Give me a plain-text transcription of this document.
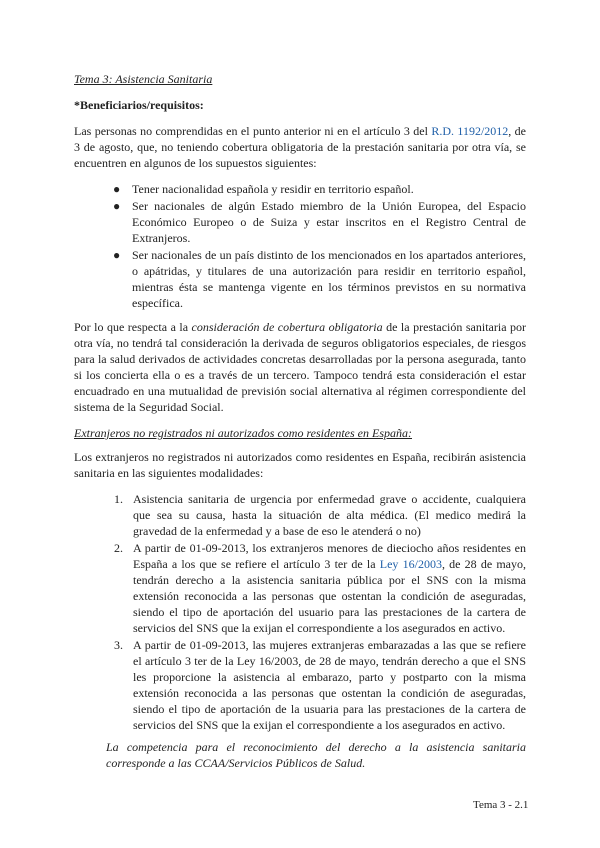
Tema 3: Asistencia Sanitaria
*Beneficiarios/requisitos:

Las personas no comprendidas en el punto anterior ni en el artículo 3 del R.D. 1192/2012, de 3 de agosto, que, no teniendo cobertura obligatoria de la prestación sanitaria por otra vía, se encuentren en algunos de los supuestos siguientes:

● Tener nacionalidad española y residir en territorio español.
● Ser nacionales de algún Estado miembro de la Unión Europea, del Espacio Económico Europeo o de Suiza y estar inscritos en el Registro Central de Extranjeros.
● Ser nacionales de un país distinto de los mencionados en los apartados anteriores, o apátridas, y titulares de una autorización para residir en territorio español, mientras ésta se mantenga vigente en los términos previstos en su normativa específica.

Por lo que respecta a la consideración de cobertura obligatoria de la prestación sanitaria por otra vía, no tendrá tal consideración la derivada de seguros obligatorios especiales, de riesgos para la salud derivados de actividades concretas desarrolladas por la persona asegurada, tanto si los concierta ella o es a través de un tercero. Tampoco tendrá esta consideración el estar encuadrado en una mutualidad de previsión social alternativa al régimen correspondiente del sistema de la Seguridad Social.

Extranjeros no registrados ni autorizados como residentes en España:

Los extranjeros no registrados ni autorizados como residentes en España, recibirán asistencia sanitaria en las siguientes modalidades:

1. Asistencia sanitaria de urgencia por enfermedad grave o accidente, cualquiera que sea su causa, hasta la situación de alta médica. (El medico medirá la gravedad de la enfermedad y a base de eso le atenderá o no)
2. A partir de 01-09-2013, los extranjeros menores de dieciocho años residentes en España a los que se refiere el artículo 3 ter de la Ley 16/2003, de 28 de mayo, tendrán derecho a la asistencia sanitaria pública por el SNS con la misma extensión reconocida a las personas que ostentan la condición de aseguradas, siendo el tipo de aportación del usuario para las prestaciones de la cartera de servicios del SNS que la exijan el correspondiente a los asegurados en activo.
3. A partir de 01-09-2013, las mujeres extranjeras embarazadas a las que se refiere el artículo 3 ter de la Ley 16/2003, de 28 de mayo, tendrán derecho a que el SNS les proporcione la asistencia al embarazo, parto y postparto con la misma extensión reconocida a las personas que ostentan la condición de aseguradas, siendo el tipo de aportación de la usuaria para las prestaciones de la cartera de servicios del SNS que la exijan el correspondiente a los asegurados en activo.
La competencia para el reconocimiento del derecho a la asistencia sanitaria corresponde a las CCAA/Servicios Públicos de Salud.
Tema 3 - 2.1
